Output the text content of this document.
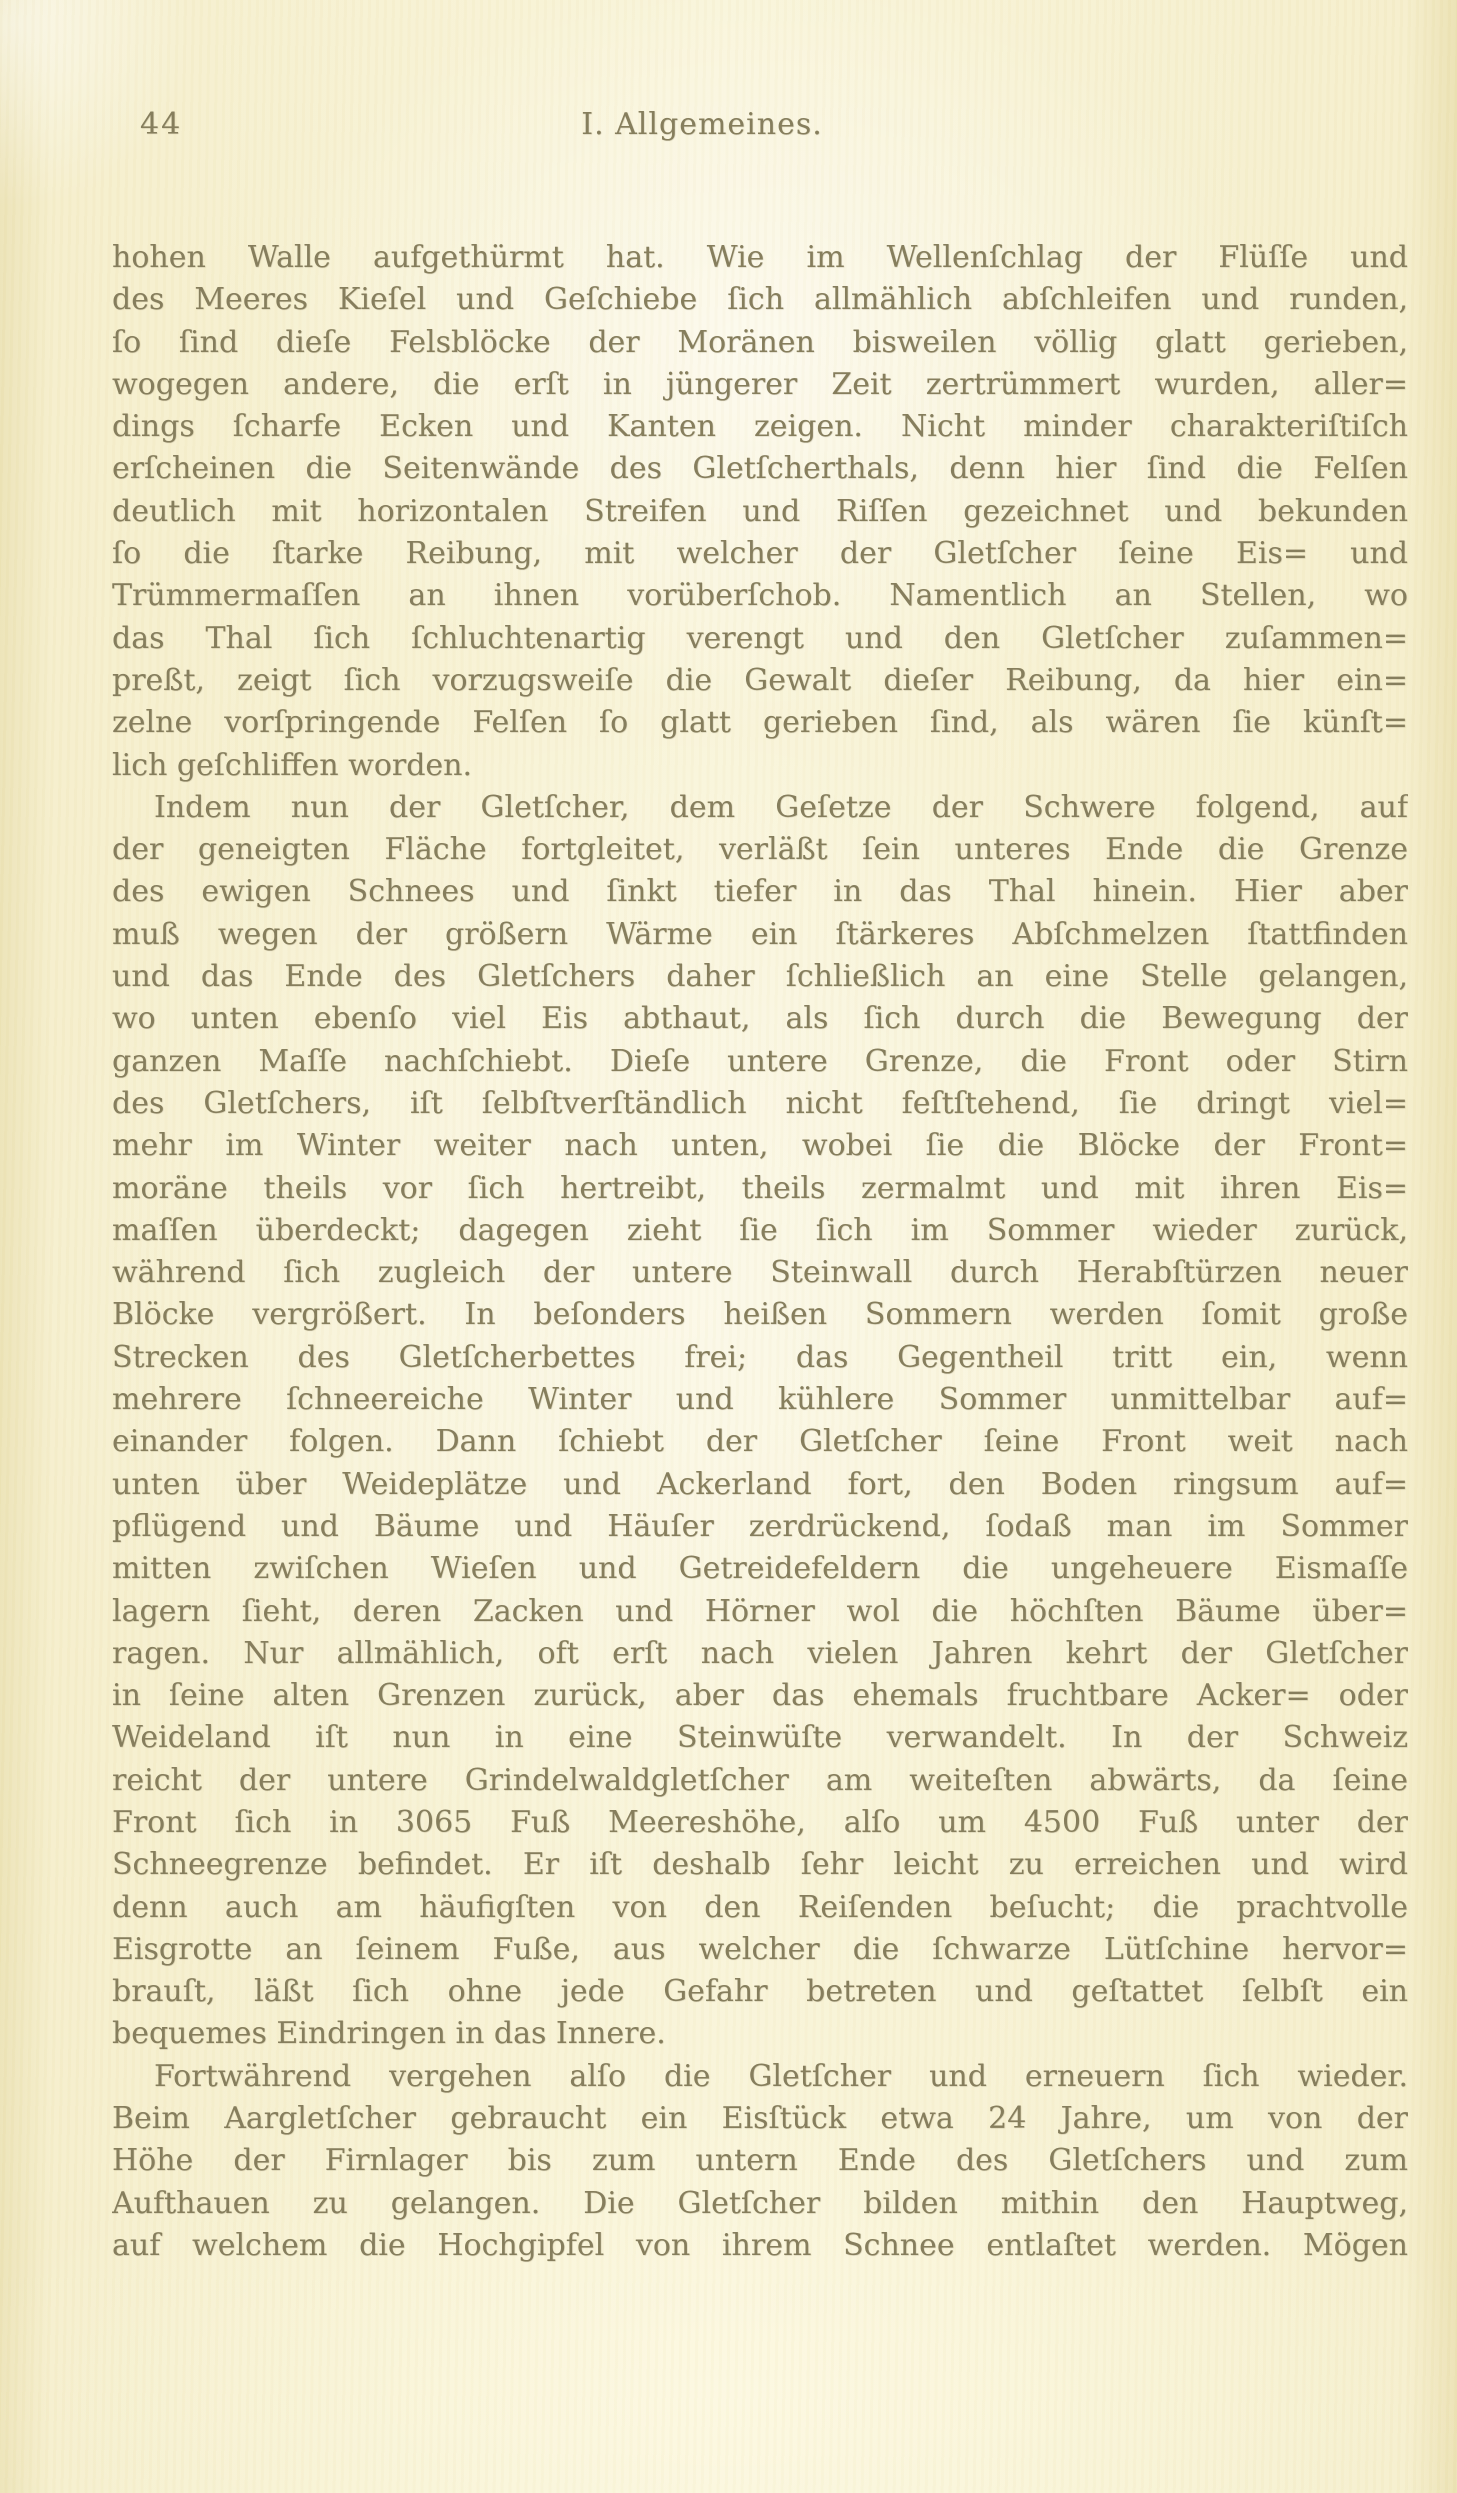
44	I. Allgemeines.
hohen Walle aufgethürmt hat. Wie im Wellenſchlag der Flüſſe und
des Meeres Kieſel und Geſchiebe ſich allmählich abſchleifen und runden,
ſo ſind dieſe Felsblöcke der Moränen bisweilen völlig glatt gerieben,
wogegen andere, die erſt in jüngerer Zeit zertrümmert wurden, aller=
dings ſcharfe Ecken und Kanten zeigen. Nicht minder charakteriſtiſch
erſcheinen die Seitenwände des Gletſcherthals, denn hier ſind die Felſen
deutlich mit horizontalen Streifen und Riſſen gezeichnet und bekunden
ſo die ſtarke Reibung, mit welcher der Gletſcher ſeine Eis= und
Trümmermaſſen an ihnen vorüberſchob. Namentlich an Stellen, wo
das Thal ſich ſchluchtenartig verengt und den Gletſcher zuſammen=
preßt, zeigt ſich vorzugsweiſe die Gewalt dieſer Reibung, da hier ein=
zelne vorſpringende Felſen ſo glatt gerieben ſind, als wären ſie künſt=
lich geſchliffen worden.
Indem nun der Gletſcher, dem Geſetze der Schwere folgend, auf
der geneigten Fläche fortgleitet, verläßt ſein unteres Ende die Grenze
des ewigen Schnees und ſinkt tiefer in das Thal hinein. Hier aber
muß wegen der größern Wärme ein ſtärkeres Abſchmelzen ſtattfinden
und das Ende des Gletſchers daher ſchließlich an eine Stelle gelangen,
wo unten ebenſo viel Eis abthaut, als ſich durch die Bewegung der
ganzen Maſſe nachſchiebt. Dieſe untere Grenze, die Front oder Stirn
des Gletſchers, iſt ſelbſtverſtändlich nicht feſtſtehend, ſie dringt viel=
mehr im Winter weiter nach unten, wobei ſie die Blöcke der Front=
moräne theils vor ſich hertreibt, theils zermalmt und mit ihren Eis=
maſſen überdeckt; dagegen zieht ſie ſich im Sommer wieder zurück,
während ſich zugleich der untere Steinwall durch Herabſtürzen neuer
Blöcke vergrößert. In beſonders heißen Sommern werden ſomit große
Strecken des Gletſcherbettes frei; das Gegentheil tritt ein, wenn
mehrere ſchneereiche Winter und kühlere Sommer unmittelbar auf=
einander folgen. Dann ſchiebt der Gletſcher ſeine Front weit nach
unten über Weideplätze und Ackerland fort, den Boden ringsum auf=
pflügend und Bäume und Häuſer zerdrückend, ſodaß man im Sommer
mitten zwiſchen Wieſen und Getreidefeldern die ungeheuere Eismaſſe
lagern ſieht, deren Zacken und Hörner wol die höchſten Bäume über=
ragen. Nur allmählich, oft erſt nach vielen Jahren kehrt der Gletſcher
in ſeine alten Grenzen zurück, aber das ehemals fruchtbare Acker= oder
Weideland iſt nun in eine Steinwüſte verwandelt. In der Schweiz
reicht der untere Grindelwaldgletſcher am weiteſten abwärts, da ſeine
Front ſich in 3065 Fuß Meereshöhe, alſo um 4500 Fuß unter der
Schneegrenze befindet. Er iſt deshalb ſehr leicht zu erreichen und wird
denn auch am häufigſten von den Reiſenden beſucht; die prachtvolle
Eisgrotte an ſeinem Fuße, aus welcher die ſchwarze Lütſchine hervor=
brauſt, läßt ſich ohne jede Gefahr betreten und geſtattet ſelbſt ein
bequemes Eindringen in das Innere.
Fortwährend vergehen alſo die Gletſcher und erneuern ſich wieder.
Beim Aargletſcher gebraucht ein Eisſtück etwa 24 Jahre, um von der
Höhe der Firnlager bis zum untern Ende des Gletſchers und zum
Aufthauen zu gelangen. Die Gletſcher bilden mithin den Hauptweg,
auf welchem die Hochgipfel von ihrem Schnee entlaſtet werden. Mögen
